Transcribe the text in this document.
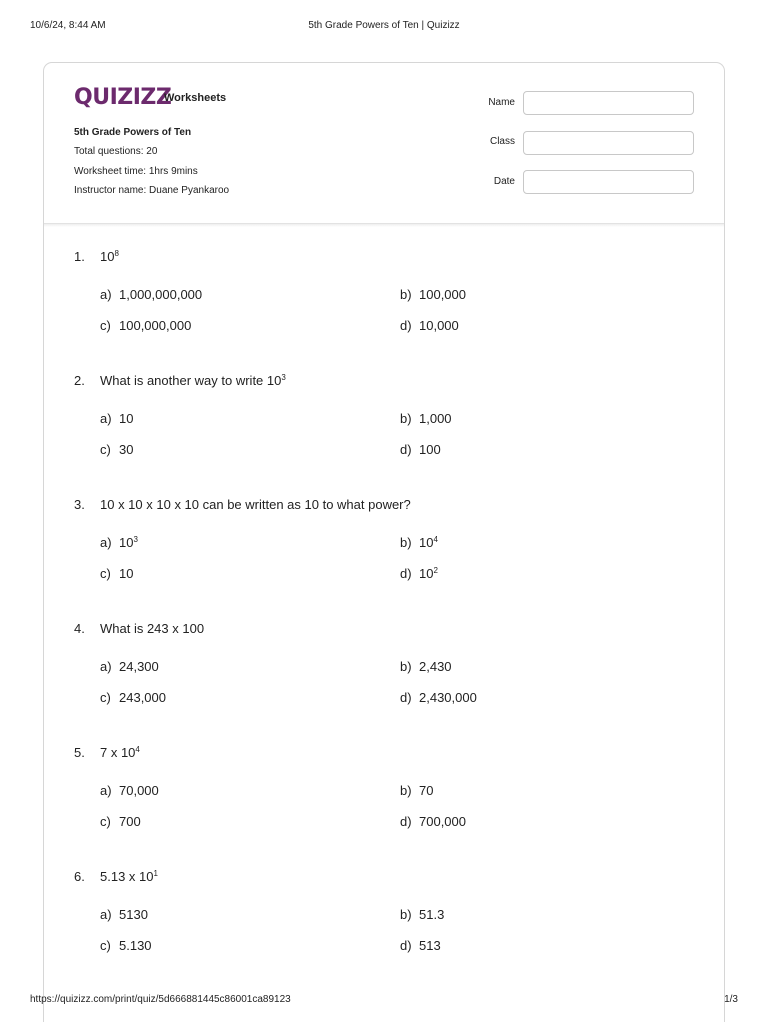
10/6/24, 8:44 AM	5th Grade Powers of Ten | Quizizz
QUIZIZZ
Worksheets
5th Grade Powers of Ten
Total questions: 20
Worksheet time: 1hrs 9mins
Instructor name: Duane Pyankaroo
Name
Class
Date
1. $10^8$
a) 1,000,000,000	b) 100,000
c) 100,000,000	d) 10,000
2. What is another way to write $10^3$
a) 10	b) 1,000
c) 30	d) 100
3. 10 x 10 x 10 x 10 can be written as 10 to what power?
a) $10^3$	b) $10^4$
c) 10	d) $10^2$
4. What is 243 x 100
a) 24,300	b) 2,430
c) 243,000	d) 2,430,000
5. 7 x $10^4$
a) 70,000	b) 70
c) 700	d) 700,000
6. 5.13 x $10^1$
a) 5130	b) 51.3
c) 5.130	d) 513
https://quizizz.com/print/quiz/5d666881445c86001ca89123	1/3
